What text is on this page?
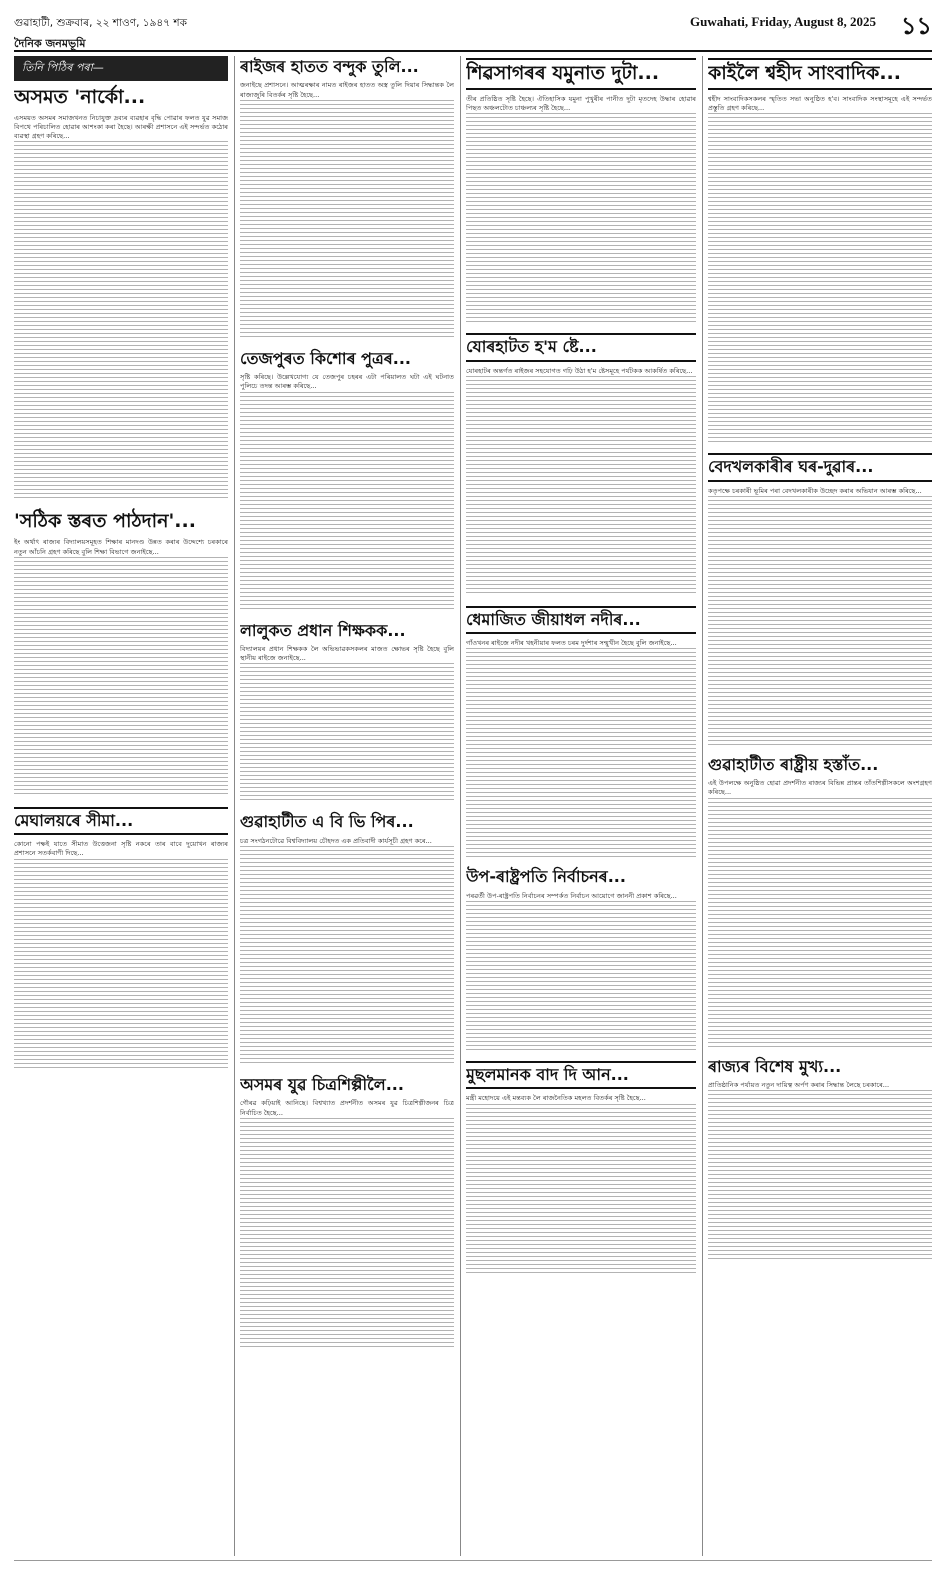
গুৱাহাটী, শুক্ৰবাৰ, ২২ শাওণ, ১৯৪৭ শক	Guwahati, Friday, August 8, 2025 ১১
দৈনিক জনমভূমি
তিনি পিঠিৰ পৰা—
অসমত 'নাৰ্কো...

এসময়ত অসমৰ সমাজখনত নিচাযুক্ত দ্ৰব্যৰ ব্যৱহাৰ বৃদ্ধি পোৱাৰ ফলত যুৱ সমাজ বিপথে পৰিচালিত হোৱাৰ আশংকা কৰা হৈছে। আৰক্ষী প্ৰশাসনে এই সন্দৰ্ভত কঠোৰ ব্যৱস্থা গ্ৰহণ কৰিছে...

'সঠিক স্তৰত পাঠদান'...

ইং অৰ্থাৎ ৰাজ্যৰ বিদ্যালয়সমূহত শিক্ষাৰ মানদণ্ড উন্নত কৰাৰ উদ্দেশ্যে চৰকাৰে নতুন আঁচনি গ্ৰহণ কৰিছে বুলি শিক্ষা বিভাগে জনাইছে...

মেঘালয়ৰে সীমা...

কোনো পক্ষই যাতে সীমাত উত্তেজনা সৃষ্টি নকৰে তাৰ বাবে দুয়োখন ৰাজ্যৰ প্ৰশাসনে সতৰ্কবাণী দিছে...

ৰাইজৰ হাতত বন্দুক তুলি...

জনাইছে প্ৰশাসনে। আত্মৰক্ষাৰ নামত ৰাইজৰ হাতত অস্ত্ৰ তুলি দিয়াৰ সিদ্ধান্তক লৈ ৰাজ্যজুৰি বিতৰ্কৰ সৃষ্টি হৈছে...

তেজপুৰত কিশোৰ পুত্ৰৰ...

সৃষ্টি কৰিছে। উল্লেখযোগ্য যে তেজপুৰ চহৰৰ এটা পৰিয়ালত ঘটা এই ঘটনাত পুলিচে তদন্ত আৰম্ভ কৰিছে...

লালুকত প্ৰধান শিক্ষকক...

বিদ্যালয়ৰ প্ৰধান শিক্ষকক লৈ অভিভাৱকসকলৰ মাজত ক্ষোভৰ সৃষ্টি হৈছে বুলি স্থানীয় ৰাইজে জনাইছে...

গুৱাহাটীত এ বি ভি পিৰ...

চত্ৰ সংগঠনটোৱে বিশ্ববিদ্যালয় চৌহদত এক প্ৰতিবাদী কাৰ্যসূচী গ্ৰহণ কৰে...

অসমৰ যুৱ চিত্ৰশিল্পীলৈ...

গৌৰৱ কঢ়িয়াই আনিছে। বিশ্বখ্যাত প্ৰদৰ্শনীত অসমৰ যুৱ চিত্ৰশিল্পীজনৰ চিত্ৰ নিৰ্বাচিত হৈছে...

শিৱসাগৰৰ যমুনাত দুটা...

তীৰ প্ৰতিষ্ঠিত সৃষ্টি হৈছে। ঐতিহাসিক যমুনা পুখুৰীৰ পানীত দুটা মৃতদেহ উদ্ধাৰ হোৱাৰ পিছত অঞ্চলটোত চাঞ্চল্যৰ সৃষ্টি হৈছে...

যোৰহাটত হ'ম ষ্টে...

যোৰহাটৰ অন্তৰ্গত ৰাইজৰ সহযোগত গঢ়ি উঠা হ'ম ষ্টেসমূহে পৰ্যটকক আকৰ্ষিত কৰিছে...

ধেমাজিত জীয়াধল নদীৰ...

গাঁওখনৰ ৰাইজে নদীৰ খহনীয়াৰ ফলত চৰম দুৰ্দশাৰ সন্মুখীন হৈছে বুলি জনাইছে...

উপ-ৰাষ্ট্ৰপতি নিৰ্বাচনৰ...

পৰৱৰ্তী উপ-ৰাষ্ট্ৰপতি নিৰ্বাচনৰ সম্পৰ্কত নিৰ্বাচন আয়োগে জাননী প্ৰকাশ কৰিছে...

মুছলমানক বাদ দি আন...

মন্ত্ৰী মহোদয়ে এই মন্তব্যক লৈ ৰাজনৈতিক মহলত বিতৰ্কৰ সৃষ্টি হৈছে...

কাইলৈ শ্বহীদ সাংবাদিক...

শ্বহীদ সাংবাদিকসকলৰ স্মৃতিত সভা অনুষ্ঠিত হ'ব। সাংবাদিক সংস্থাসমূহে এই সন্দৰ্ভত প্ৰস্তুতি গ্ৰহণ কৰিছে...

বেদখলকাৰীৰ ঘৰ-দুৱাৰ...

কতৃপক্ষে চৰকাৰী ভূমিৰ পৰা বেদখলকাৰীক উচ্ছেদ কৰাৰ অভিযান আৰম্ভ কৰিছে...

গুৱাহাটীত ৰাষ্ট্ৰীয় হস্তাঁত...

এই উপলক্ষে অনুষ্ঠিত হোৱা প্ৰদৰ্শনীত ৰাজ্যৰ বিভিন্ন প্ৰান্তৰ তাঁতশিল্পীসকলে অংশগ্ৰহণ কৰিছে...

ৰাজ্যৰ বিশেষ মুখ্য...

প্ৰাতিষ্ঠানিক পৰ্যায়ত নতুন দায়িত্ব অৰ্পণ কৰাৰ সিদ্ধান্ত লৈছে চৰকাৰে...
